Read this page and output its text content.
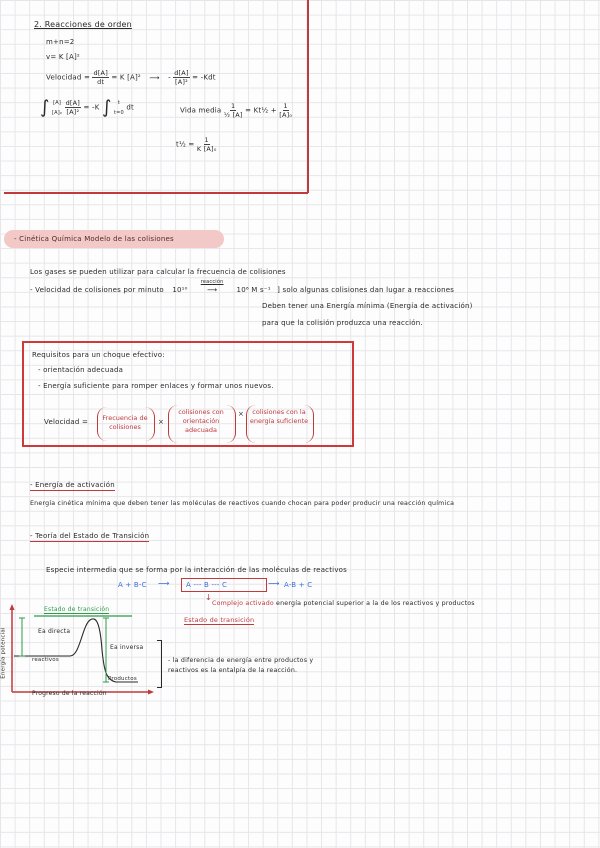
2. Reacciones de orden
m+n=2
v= K [A]²
Velocidad = $\frac{d[A]}{dt} = K$ [A]² ⟶ - $\frac{d[A]}{\text{[A]²}} = -Kdt$
∫ [A]
[A]₀
$\frac{d[A]}{\text{[A]²}} = -K$ ∫ t
t=0
dt	Vida media $\frac{1}{\text{½ [A]}}$ = Kt½ + $\frac{1}{\text{[A]₀}}$
t½ = $\frac{1}{\text{K [A]₀}}$
- Cinética Química Modelo de las colisiones
Los gases se pueden utilizar para calcular la frecuencia de colisiones
- Velocidad de colisiones por minuto 10¹⁰
reacción
⟶	10⁶ M s⁻¹ ] solo algunas colisiones dan lugar a reacciones
Deben tener una Energía mínima (Energía de activación)
para que la colisión produzca una reacción.
Requisitos para un choque efectivo:
- orientación adecuada
- Energía suficiente para romper enlaces y formar unos nuevos.
Velocidad =	Frecuencia de colisiones
×
colisiones con orientación adecuada
×	colisiones con la energía suficiente
- Energía de activación
Energía cinética mínima que deben tener las moléculas de reactivos cuando chocan para poder producir una reacción química
- Teoría del Estado de Transición
Especie intermedia que se forma por la interacción de las moléculas de reactivos
A + B-C ⟶ A --- B --- C	⟶ A-B + C
↓
Complejo activado energía potencial superior a la de los reactivos y productos
Estado de transición
Estado de transición
Energía potencial	Ea directa
Ea inversa
reactivos
Productos
Progreso de la reacción
- la diferencia de energía entre productos y reactivos es la entalpía de la reacción.
